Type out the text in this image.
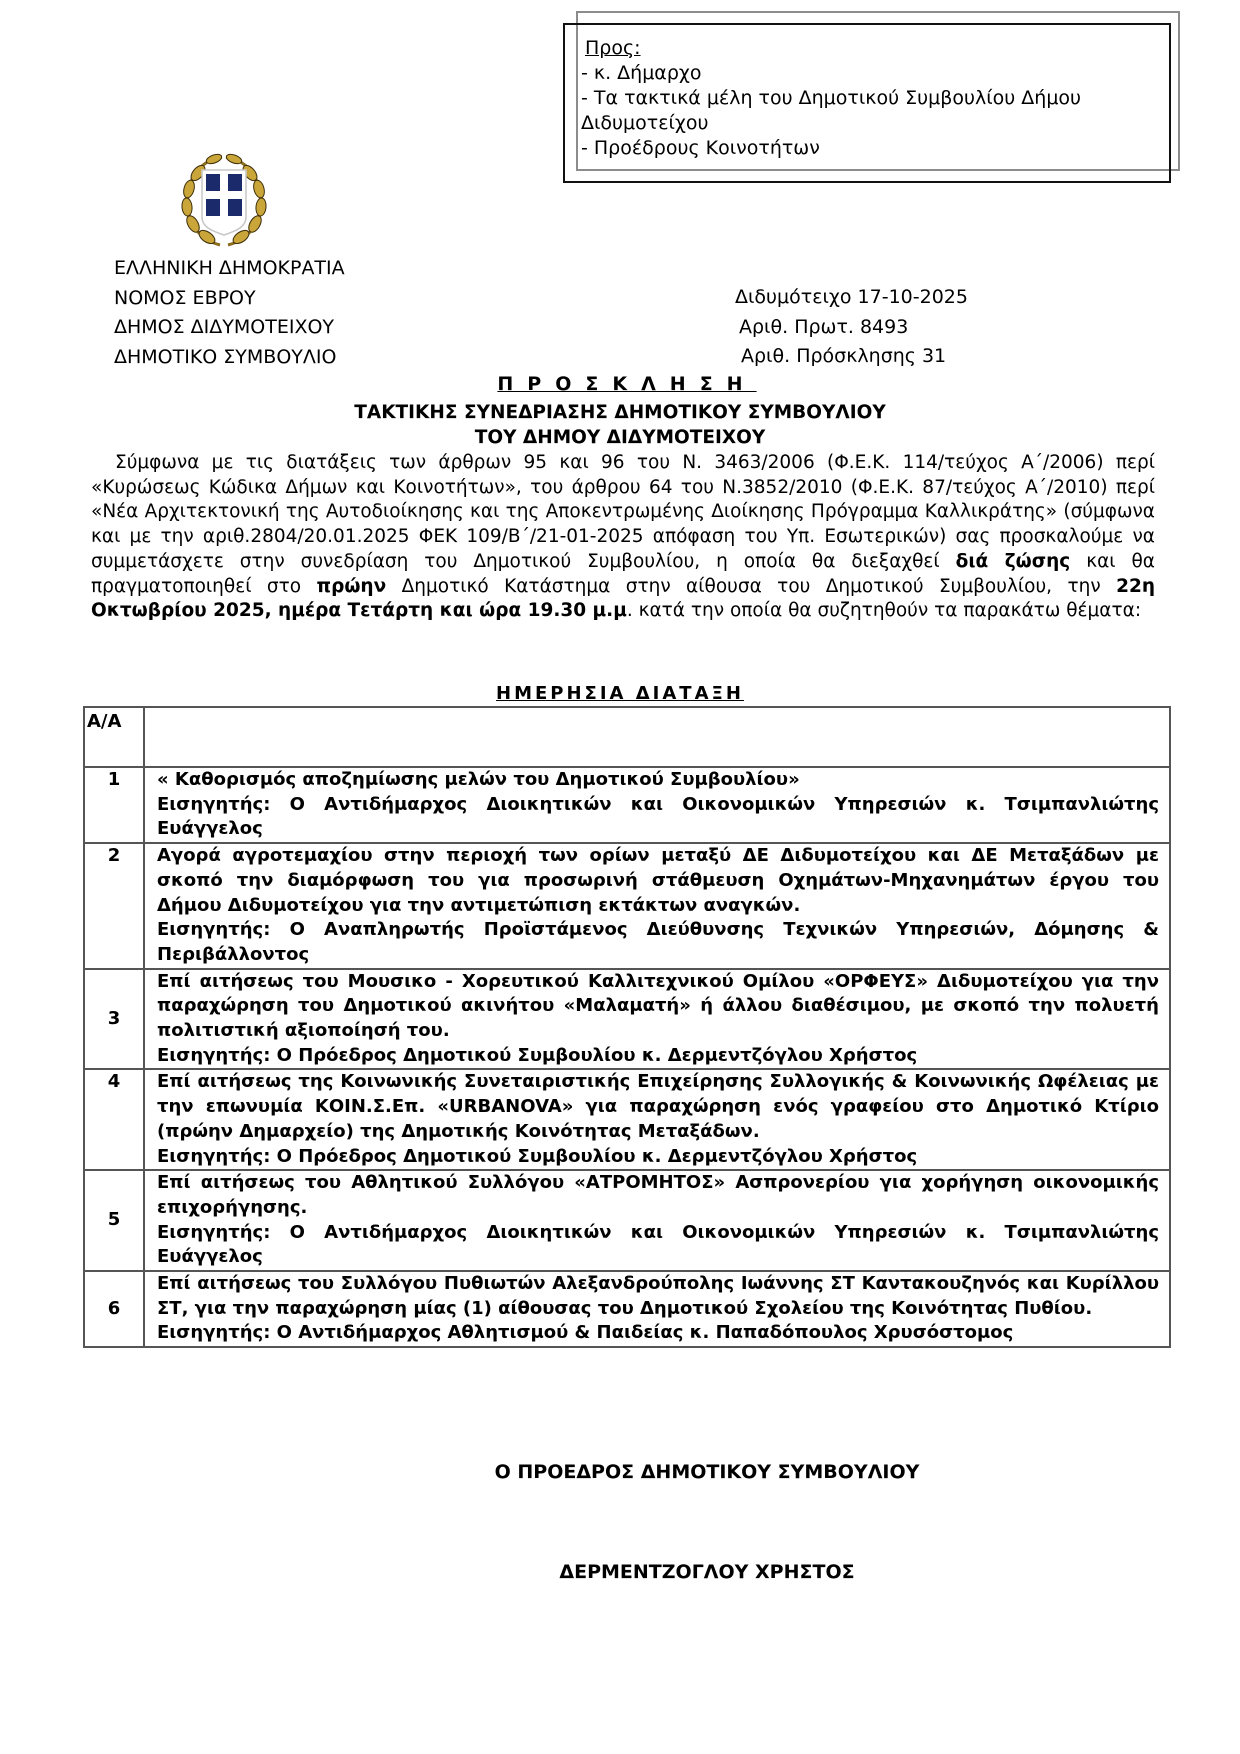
Προς:
- κ. Δήμαρχο
- Τα τακτικά μέλη του Δημοτικού Συμβουλίου Δήμου
Διδυμοτείχου
- Προέδρους Κοινοτήτων
ΕΛΛΗΝΙΚΗ ΔΗΜΟΚΡΑΤΙΑ
ΝΟΜΟΣ ΕΒΡΟΥ
ΔΗΜΟΣ ΔΙΔΥΜΟΤΕΙΧΟΥ
ΔΗΜΟΤΙΚΟ ΣΥΜΒΟΥΛΙΟ
Διδυμότειχο 17-10-2025
Αριθ. Πρωτ. 8493
Αριθ. Πρόσκλησης 31
ΠΡΟΣΚΛΗΣΗ
ΤΑΚΤΙΚΗΣ ΣΥΝΕΔΡΙΑΣΗΣ ΔΗΜΟΤΙΚΟΥ ΣΥΜΒΟΥΛΙΟΥ
ΤΟΥ ΔΗΜΟΥ ΔΙΔΥΜΟΤΕΙΧΟΥ
Σύμφωνα με τις διατάξεις των άρθρων 95 και 96 του Ν. 3463/2006 (Φ.Ε.Κ. 114/τεύχος Α΄/2006) περί «Κυρώσεως Κώδικα Δήμων και Κοινοτήτων», του άρθρου 64 του Ν.3852/2010 (Φ.Ε.Κ. 87/τεύχος Α΄/2010) περί «Νέα Αρχιτεκτονική της Αυτοδιοίκησης και της Αποκεντρωμένης Διοίκησης Πρόγραμμα Καλλικράτης» (σύμφωνα και με την αριθ.2804/20.01.2025 ΦΕΚ 109/Β΄/21-01-2025 απόφαση του Υπ. Εσωτερικών) σας προσκαλούμε να συμμετάσχετε στην συνεδρίαση του Δημοτικού Συμβουλίου, η οποία θα διεξαχθεί διά ζώσης και θα πραγματοποιηθεί στο πρώην Δημοτικό Κατάστημα στην αίθουσα του Δημοτικού Συμβουλίου, την 22η Οκτωβρίου 2025, ημέρα Τετάρτη και ώρα 19.30 μ.μ. κατά την οποία θα συζητηθούν τα παρακάτω θέματα:
ΗΜΕΡΗΣΙΑ ΔΙΑΤΑΞΗ
Α/Α	
1	« Καθορισμός αποζημίωσης μελών του Δημοτικού Συμβουλίου»
Εισηγητής: Ο Αντιδήμαρχος Διοικητικών και Οικονομικών Υπηρεσιών κ. Τσιμπανλιώτης Ευάγγελος

2	Αγορά αγροτεμαχίου στην περιοχή των ορίων μεταξύ ΔΕ Διδυμοτείχου και ΔΕ Μεταξάδων με σκοπό την διαμόρφωση του για προσωρινή στάθμευση Οχημάτων-Μηχανημάτων έργου του Δήμου Διδυμοτείχου για την αντιμετώπιση εκτάκτων αναγκών.
Εισηγητής: Ο Αναπληρωτής Προϊστάμενος Διεύθυνσης Τεχνικών Υπηρεσιών, Δόμησης & Περιβάλλοντος

3	Επί αιτήσεως του Μουσικο - Χορευτικού Καλλιτεχνικού Ομίλου «ΟΡΦΕΥΣ» Διδυμοτείχου για την παραχώρηση του Δημοτικού ακινήτου «Μαλαματή» ή άλλου διαθέσιμου, με σκοπό την πολυετή πολιτιστική αξιοποίησή του.
Εισηγητής: Ο Πρόεδρος Δημοτικού Συμβουλίου κ. Δερμεντζόγλου Χρήστος

4	Επί αιτήσεως της Κοινωνικής Συνεταιριστικής Επιχείρησης Συλλογικής & Κοινωνικής Ωφέλειας με την επωνυμία ΚΟΙΝ.Σ.Επ. «URBANOVA» για παραχώρηση ενός γραφείου στο Δημοτικό Κτίριο (πρώην Δημαρχείο) της Δημοτικής Κοινότητας Μεταξάδων.
Εισηγητής: Ο Πρόεδρος Δημοτικού Συμβουλίου κ. Δερμεντζόγλου Χρήστος

5	Επί αιτήσεως του Αθλητικού Συλλόγου «ΑΤΡΟΜΗΤΟΣ» Ασπρονερίου για χορήγηση οικονομικής επιχορήγησης.
Εισηγητής: Ο Αντιδήμαρχος Διοικητικών και Οικονομικών Υπηρεσιών κ. Τσιμπανλιώτης Ευάγγελος

6	Επί αιτήσεως του Συλλόγου Πυθιωτών Αλεξανδρούπολης Ιωάννης ΣΤ Καντακουζηνός και Κυρίλλου ΣΤ, για την παραχώρηση μίας (1) αίθουσας του Δημοτικού Σχολείου της Κοινότητας Πυθίου.
Εισηγητής: Ο Αντιδήμαρχος Αθλητισμού & Παιδείας κ. Παπαδόπουλος Χρυσόστομος
Ο ΠΡΟΕΔΡΟΣ ΔΗΜΟΤΙΚΟΥ ΣΥΜΒΟΥΛΙΟΥ
ΔΕΡΜΕΝΤΖΟΓΛΟΥ ΧΡΗΣΤΟΣ
